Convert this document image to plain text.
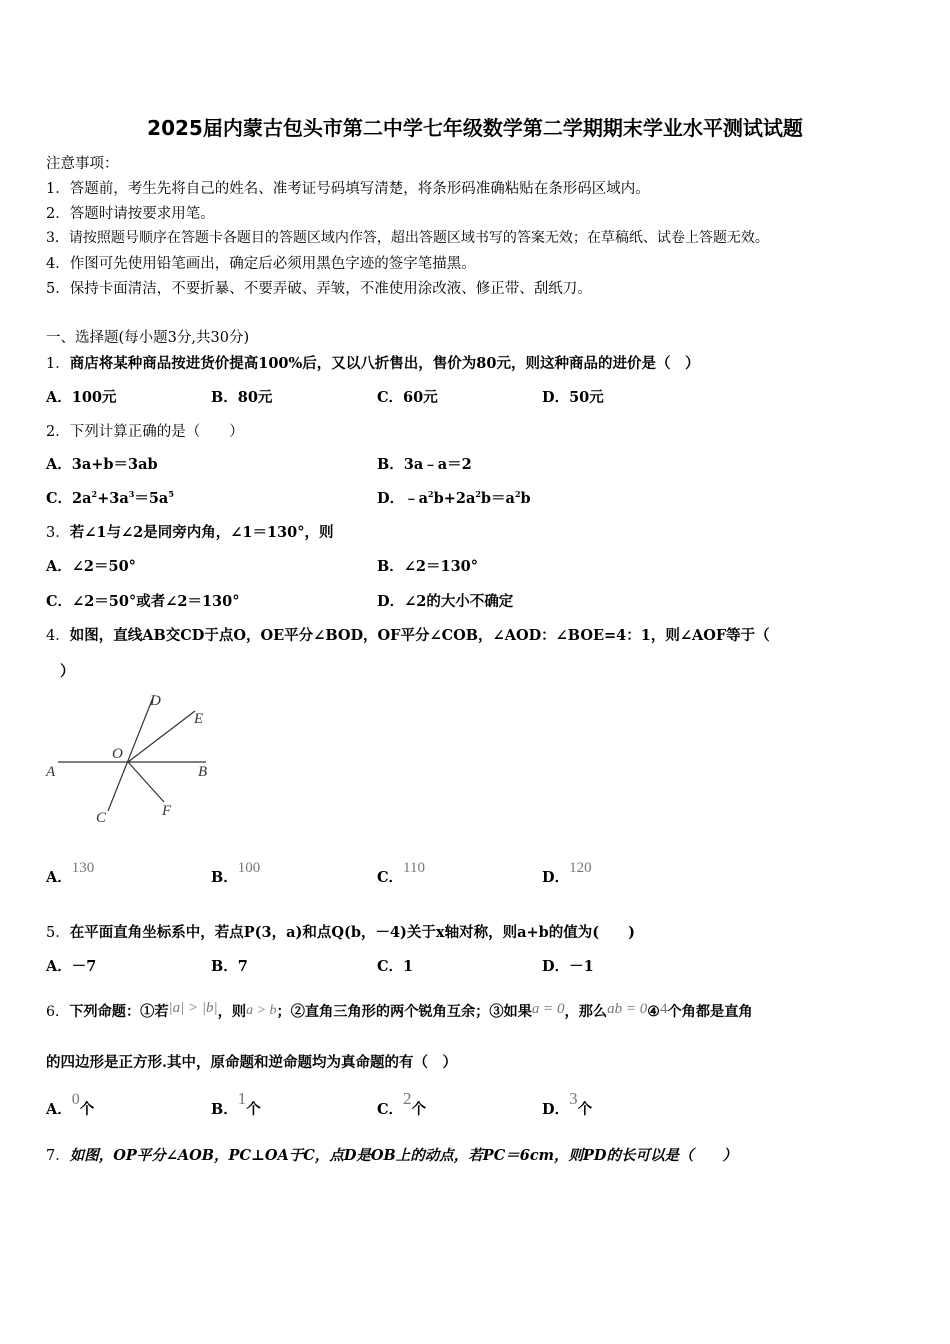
2025届内蒙古包头市第二中学七年级数学第二学期期末学业水平测试试题
注意事项：
1．答题前，考生先将自己的姓名、准考证号码填写清楚，将条形码准确粘贴在条形码区域内。
2．答题时请按要求用笔。
3．请按照题号顺序在答题卡各题目的答题区域内作答，超出答题区域书写的答案无效；在草稿纸、试卷上答题无效。
4．作图可先使用铅笔画出，确定后必须用黑色字迹的签字笔描黑。
5．保持卡面清洁，不要折暴、不要弄破、弄皱，不准使用涂改液、修正带、刮纸刀。
一、选择题(每小题3分,共30分)
1．商店将某种商品按进货价提高100%后，又以八折售出，售价为80元，则这种商品的进价是（　）
A．100元	B．80元	C．60元	D．50元
2．下列计算正确的是（　　）
A．3a+b＝3ab	B．3a﹣a＝2
C．$2a^2+3a^3=5a^5$	D．$﹣a^2b+2a^2b=a^2b$
3．若∠1与∠2是同旁内角，∠1＝130°，则
A．∠2＝50°	B．∠2＝130°
C．∠2＝50°或者∠2＝130°	D．∠2的大小不确定
4．如图，直线AB交CD于点O，OE平分∠BOD，OF平分∠COB，∠AOD：∠BOE=4：1，则∠AOF等于（
）
A	B
C
D
E
F
O
A．130
B．100
C．110
D．120
5．在平面直角坐标系中，若点P(3，a)和点Q(b，－4)关于x轴对称，则a+b的值为(　　)
A．－7	B．7	C．1	D．－1
6．下列命题：①若|a| > |b|，则a > b；②直角三角形的两个锐角互余；③如果a = 0，那么ab = 0④4个角都是直角
的四边形是正方形.其中，原命题和逆命题均为真命题的有（　）
A．0个	B．1个	C．2个	D．3个
7．如图，OP平分∠AOB，PC⊥OA于C，点D是OB上的动点，若PC＝6cm，则PD的长可以是（　　）
